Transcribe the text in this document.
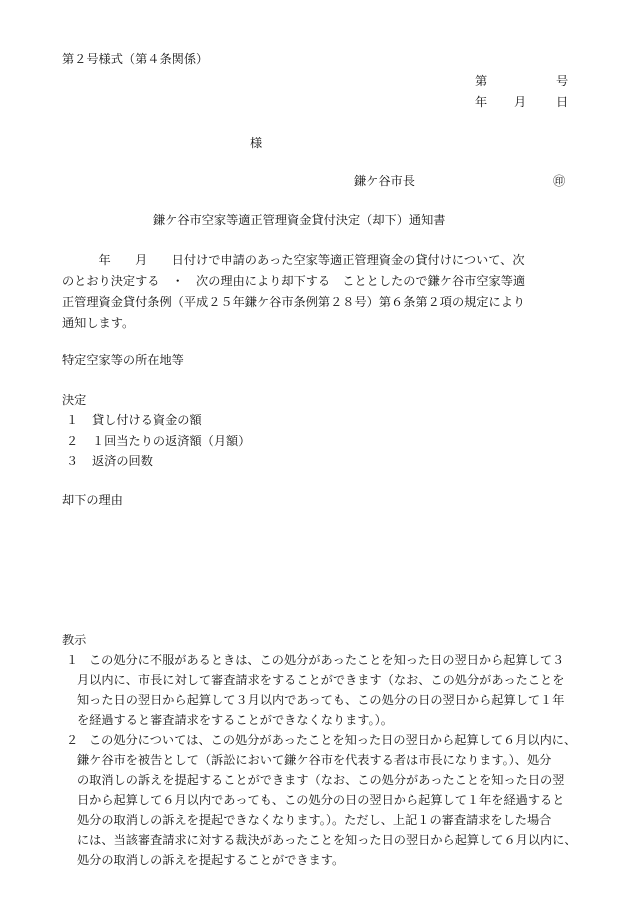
第２号様式（第４条関係）
第	号
年 月 日
様
鎌ケ谷市長	㊞
鎌ケ谷市空家等適正管理資金貸付決定（却下）通知書
　　　年　　月　　日付けで申請のあった空家等適正管理資金の貸付けについて、次
のとおり決定する　・　次の理由により却下する　こととしたので鎌ケ谷市空家等適
正管理資金貸付条例（平成２５年鎌ケ谷市条例第２８号）第６条第２項の規定により
通知します。
特定空家等の所在地等
決定
１ 貸し付ける資金の額
２ １回当たりの返済額（月額）
３ 返済の回数
却下の理由
教示
１ この処分に不服があるときは、この処分があったことを知った日の翌日から起算して３
月以内に、市長に対して審査請求をすることができます（なお、この処分があったことを
知った日の翌日から起算して３月以内であっても、この処分の日の翌日から起算して１年
を経過すると審査請求をすることができなくなります。）。
２ この処分については、この処分があったことを知った日の翌日から起算して６月以内に、
鎌ケ谷市を被告として（訴訟において鎌ケ谷市を代表する者は市長になります。）、処分
の取消しの訴えを提起することができます（なお、この処分があったことを知った日の翌
日から起算して６月以内であっても、この処分の日の翌日から起算して１年を経過すると
処分の取消しの訴えを提起できなくなります。）。ただし、上記１の審査請求をした場合
には、当該審査請求に対する裁決があったことを知った日の翌日から起算して６月以内に、
処分の取消しの訴えを提起することができます。
